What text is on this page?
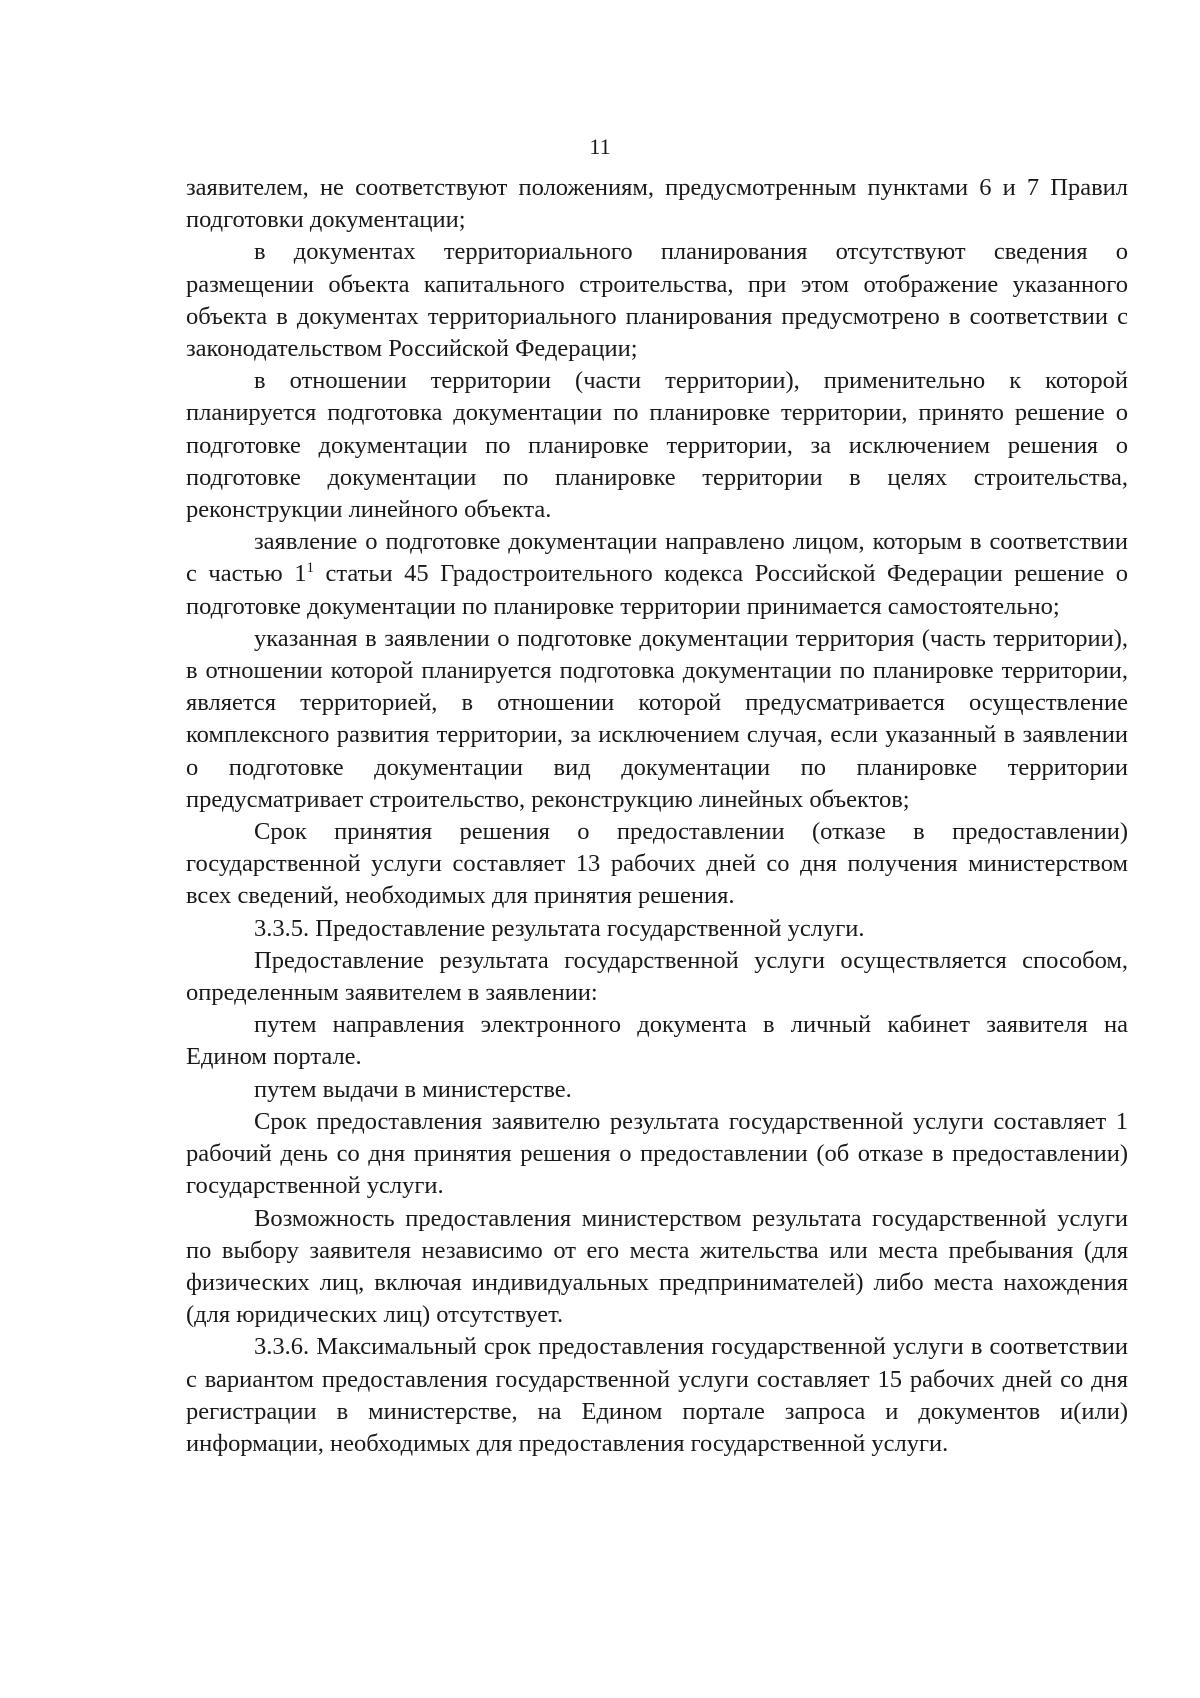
11

заявителем, не соответствуют положениям, предусмотренным пунктами 6 и 7 Правил подготовки документации;

в документах территориального планирования отсутствуют сведения о размещении объекта капитального строительства, при этом отображение указанного объекта в документах территориального планирования предусмотрено в соответствии с законодательством Российской Федерации;

в отношении территории (части территории), применительно к которой планируется подготовка документации по планировке территории, принято решение о подготовке документации по планировке территории, за исключением решения о подготовке документации по планировке территории в целях строительства, реконструкции линейного объекта.

заявление о подготовке документации направлено лицом, которым в соответствии с частью $1^1$ статьи 45 Градостроительного кодекса Российской Федерации решение о подготовке документации по планировке территории принимается самостоятельно;

указанная в заявлении о подготовке документации территория (часть территории), в отношении которой планируется подготовка документации по планировке территории, является территорией, в отношении которой предусматривается осуществление комплексного развития территории, за исключением случая, если указанный в заявлении о подготовке документации вид документации по планировке территории предусматривает строительство, реконструкцию линейных объектов;

Срок принятия решения о предоставлении (отказе в предоставлении) государственной услуги составляет 13 рабочих дней со дня получения министерством всех сведений, необходимых для принятия решения.

3.3.5. Предоставление результата государственной услуги.

Предоставление результата государственной услуги осуществляется способом, определенным заявителем в заявлении:

путем направления электронного документа в личный кабинет заявителя на Едином портале.

путем выдачи в министерстве.

Срок предоставления заявителю результата государственной услуги составляет 1 рабочий день со дня принятия решения о предоставлении (об отказе в предоставлении) государственной услуги.

Возможность предоставления министерством результата государственной услуги по выбору заявителя независимо от его места жительства или места пребывания (для физических лиц, включая индивидуальных предпринимателей) либо места нахождения (для юридических лиц) отсутствует.

3.3.6. Максимальный срок предоставления государственной услуги в соответствии с вариантом предоставления государственной услуги составляет 15 рабочих дней со дня регистрации в министерстве, на Едином портале запроса и документов и(или) информации, необходимых для предоставления государственной услуги.
